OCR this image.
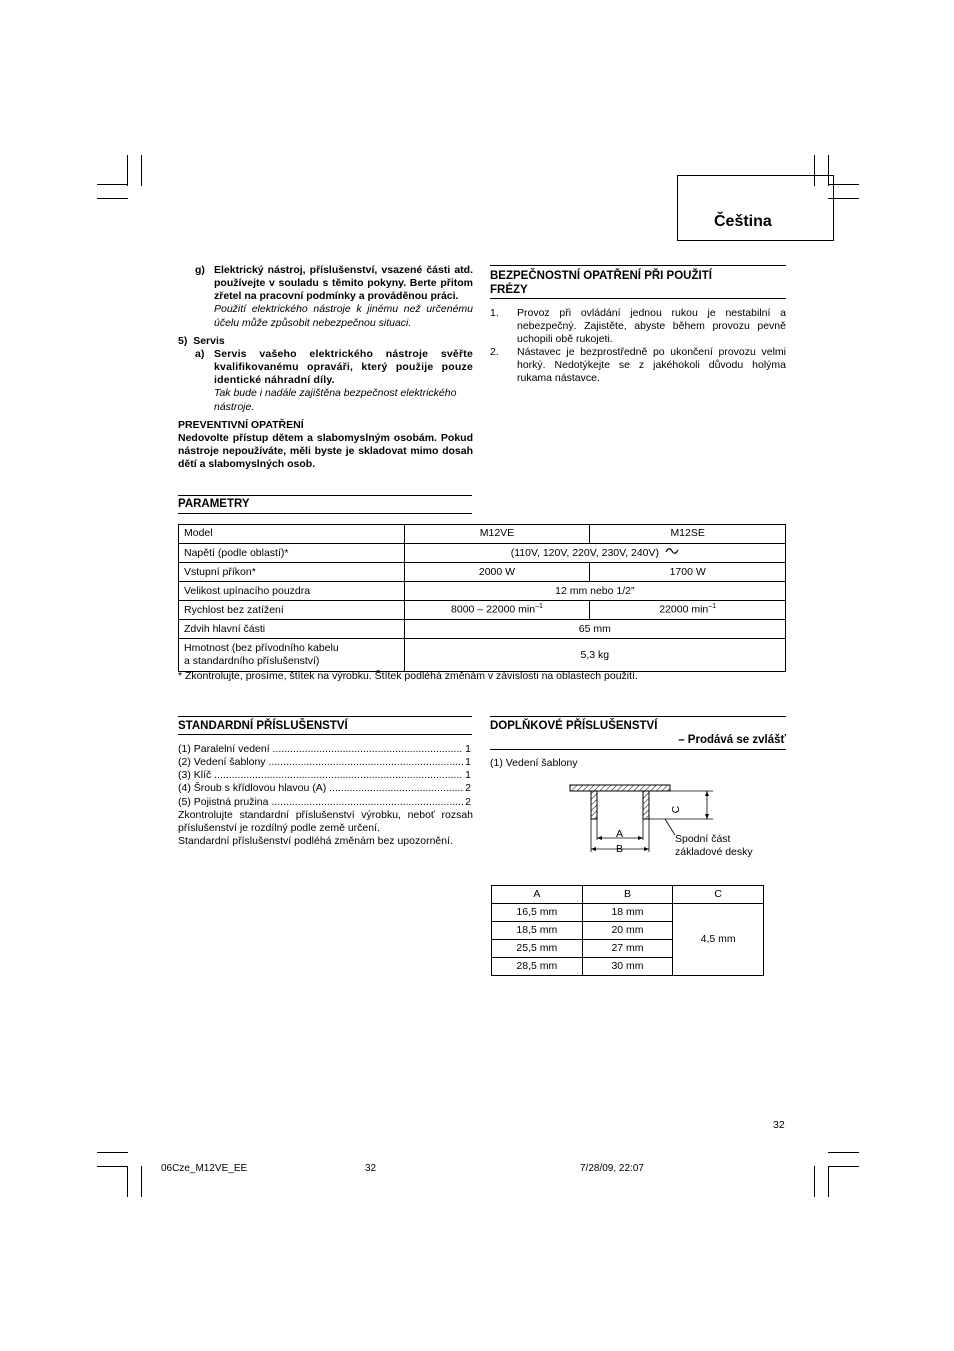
Čeština
g) Elektrický nástroj, příslušenství, vsazené části atd. používejte v souladu s těmito pokyny. Berte přitom zřetel na pracovní podmínky a prováděnou práci.
Použití elektrického nástroje k jinému než určenému účelu může způsobit nebezpečnou situaci.
5) Servis
a) Servis vašeho elektrického nástroje svěřte kvalifikovanému opraváři, který použije pouze identické náhradní díly.
Tak bude i nadále zajištěna bezpečnost elektrického nástroje.
PREVENTIVNÍ OPATŘENÍ
Nedovolte přístup dětem a slabomyslným osobám. Pokud nástroje nepoužíváte, měli byste je skladovat mimo dosah dětí a slabomyslných osob.
BEZPEČNOSTNÍ OPATŘENÍ PŘI POUŽITÍ FRÉZY
1. Provoz při ovládání jednou rukou je nestabilní a nebezpečný. Zajistěte, abyste během provozu pevně uchopili obě rukojeti.
2. Nástavec je bezprostředně po ukončení provozu velmi horký. Nedotýkejte se z jakéhokoli důvodu holýma rukama nástavce.
PARAMETRY
Model	M12VE	M12SE
Napětí (podle oblastí)*	(110V, 120V, 220V, 230V, 240V)	
Vstupní příkon*	2000 W	1700 W
Velikost upínacího pouzdra	12 mm nebo 1/2”	
Rychlost bez zatížení	8000 – 22000 $\min^{-1}$	22000 $\min^{-1}$
Zdvih hlavní části	65 mm	

Hmotnost (bez přívodního kabelu
a standardního příslušenství)	5,3 kg	
* Zkontrolujte, prosíme, štítek na výrobku. Štítek podléhá změnám v závislosti na oblastech použití.
STANDARDNÍ PŘÍSLUŠENSTVÍ
(1) Paralelní vedení .....	1
(2) Vedení šablony .....	1
(3) Klíč .....	1
(4) Šroub s křídlovou hlavou (A) .....	2
(5) Pojistná pružina .....	2
Zkontrolujte standardní příslušenství výrobku, neboť rozsah příslušenství je rozdílný podle země určení.
Standardní příslušenství podléhá změnám bez upozornění.
DOPLŇKOVÉ PŘÍSLUŠENSTVÍ
– Prodává se zvlášť
(1) Vedení šablony
A
B
C
Spodní část
základové desky
A	B	C
16,5 mm	18 mm	4,5 mm
18,5 mm	20 mm	
25,5 mm	27 mm	
28,5 mm	30 mm	
32
06Cze_M12VE_EE	32	7/28/09, 22:07
